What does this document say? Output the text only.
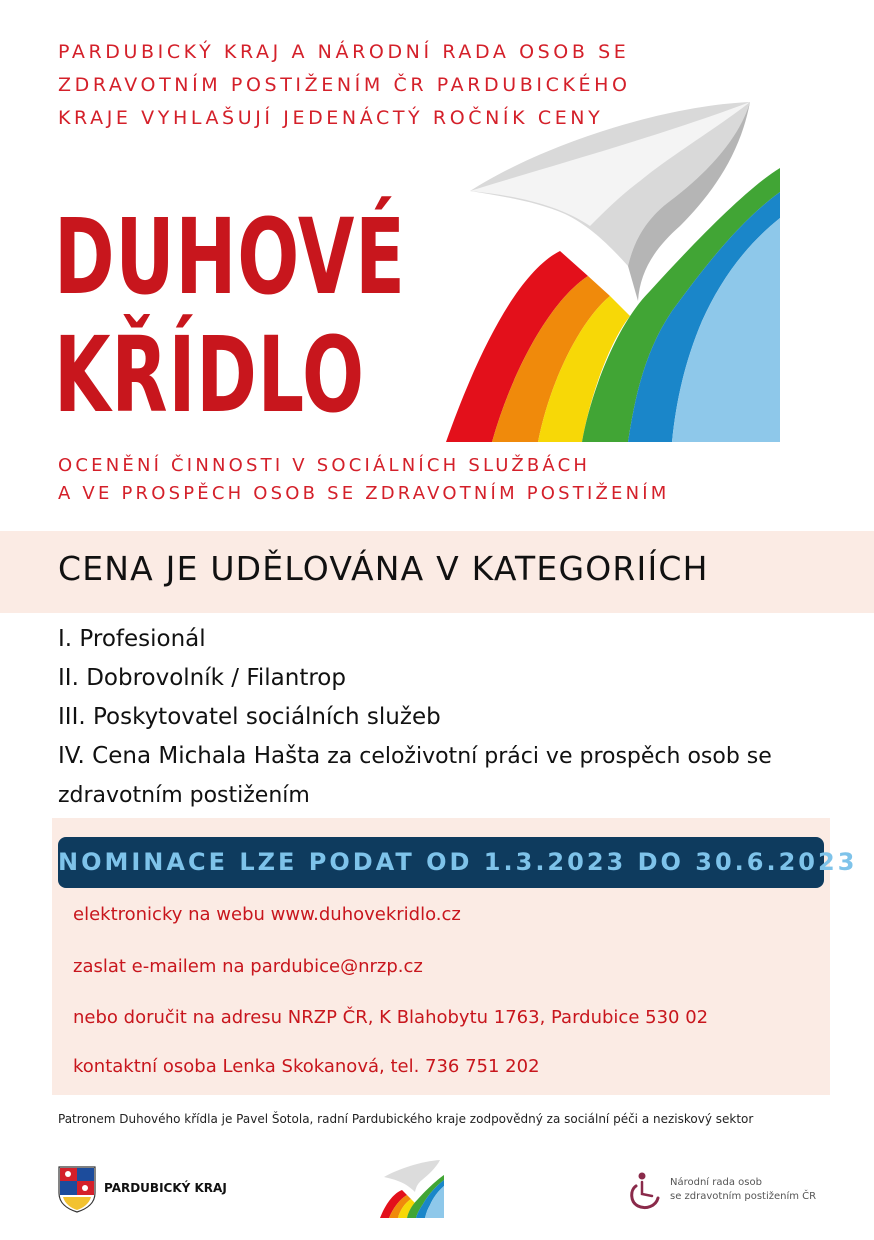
PARDUBICKÝ KRAJ A NÁRODNÍ RADA OSOB SE
ZDRAVOTNÍM POSTIŽENÍM ČR PARDUBICKÉHO
KRAJE VYHLAŠUJÍ JEDENÁCTÝ ROČNÍK CENY
DUHOVÉ
KŘÍDLO
OCENĚNÍ ČINNOSTI V SOCIÁLNÍCH SLUŽBÁCH
A VE PROSPĚCH OSOB SE ZDRAVOTNÍM POSTIŽENÍM
CENA JE UDĚLOVÁNA V KATEGORIÍCH
I. Profesionál
II. Dobrovolník / Filantrop
III. Poskytovatel sociálních služeb
IV. Cena Michala Hašta za celoživotní práci ve prospěch osob se zdravotním postižením
NOMINACE LZE PODAT OD 1.3.2023 DO 30.6.2023
elektronicky na webu www.duhovekridlo.cz
zaslat e-mailem na pardubice@nrzp.cz
nebo doručit na adresu NRZP ČR, K Blahobytu 1763, Pardubice 530 02
kontaktní osoba Lenka Skokanová, tel. 736 751 202
Patronem Duhového křídla je Pavel Šotola, radní Pardubického kraje zodpovědný za sociální péči a neziskový sektor
PARDUBICKÝ KRAJ	Národní rada osob
se zdravotním postižením ČR
